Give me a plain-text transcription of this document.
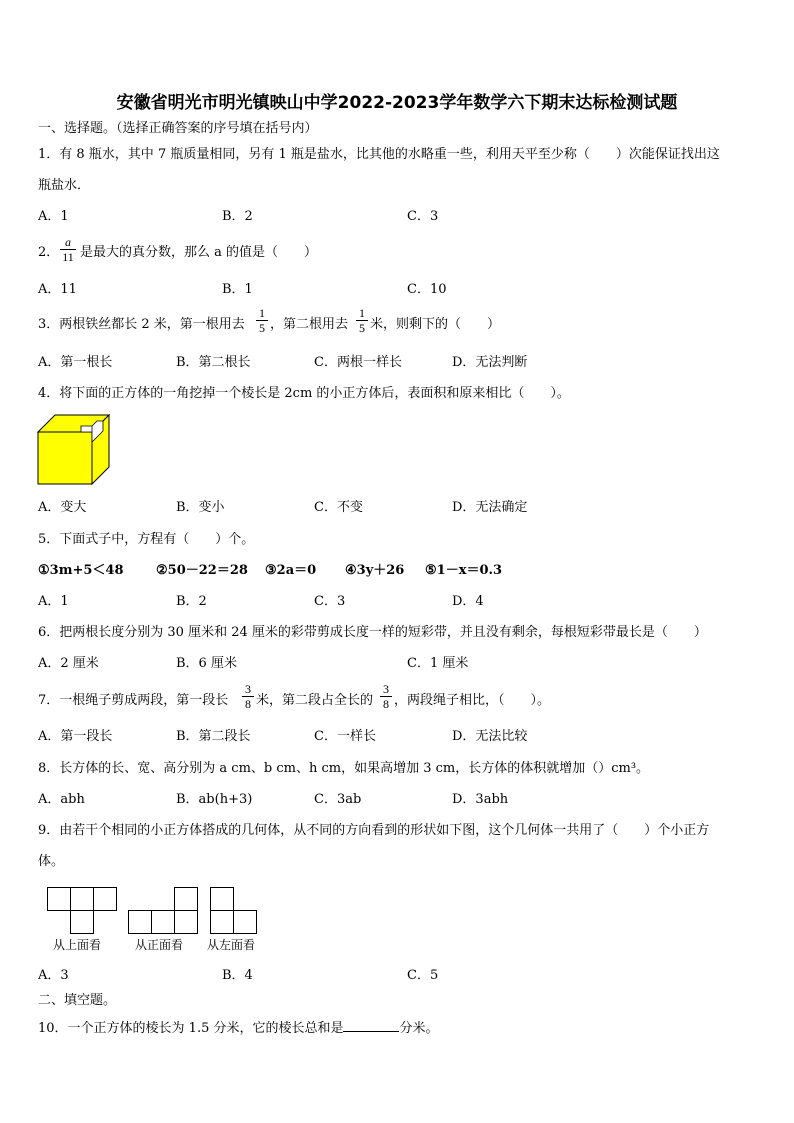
安徽省明光市明光镇映山中学2022-2023学年数学六下期末达标检测试题
一、选择题。（选择正确答案的序号填在括号内）
1．有 8 瓶水，其中 7 瓶质量相同，另有 1 瓶是盐水，比其他的水略重一些，利用天平至少称（　　）次能保证找出这
瓶盐水．
A．1	B．2	C．3
2．
a
11 是最大的真分数，那么 a 的值是（　　）
A．11	B．1	C．10
3．两根铁丝都长 2 米，第一根用去
1
5 ，第二根用去
1
5 米，则剩下的（　　）
A．第一根长	B．第二根长	C．两根一样长	D．无法判断
4．将下面的正方体的一角挖掉一个棱长是 2cm 的小正方体后，表面积和原来相比（　　）。
A．变大	B．变小	C．不变	D．无法确定
5．下面式子中，方程有（　　）个。
①3m+5＜48	②50－22＝28 ③2a＝0 ④3y＋26 ⑤1－x＝0.3
A．1	B．2	C．3	D．4
6．把两根长度分别为 30 厘米和 24 厘米的彩带剪成长度一样的短彩带，并且没有剩余，每根短彩带最长是（　　）
A．2 厘米	B．6 厘米	C．1 厘米
7．一根绳子剪成两段，第一段长
3
8 米，第二段占全长的
3
8 ，两段绳子相比，（　　）。
A．第一段长	B．第二段长	C．一样长	D．无法比较
8．长方体的长、宽、高分别为 a cm、b cm、h cm，如果高增加 3 cm，长方体的体积就增加（）cm³。
A．abh	B．ab(h+3)	C．3ab	D．3abh
9．由若干个相同的小正方体搭成的几何体，从不同的方向看到的形状如下图，这个几何体一共用了（　　）个小正方
体。
从上面看	从正面看 从左面看
A．3	B．4	C．5
二、填空题。
10．一个正方体的棱长为 1.5 分米，它的棱长总和是	分米。
